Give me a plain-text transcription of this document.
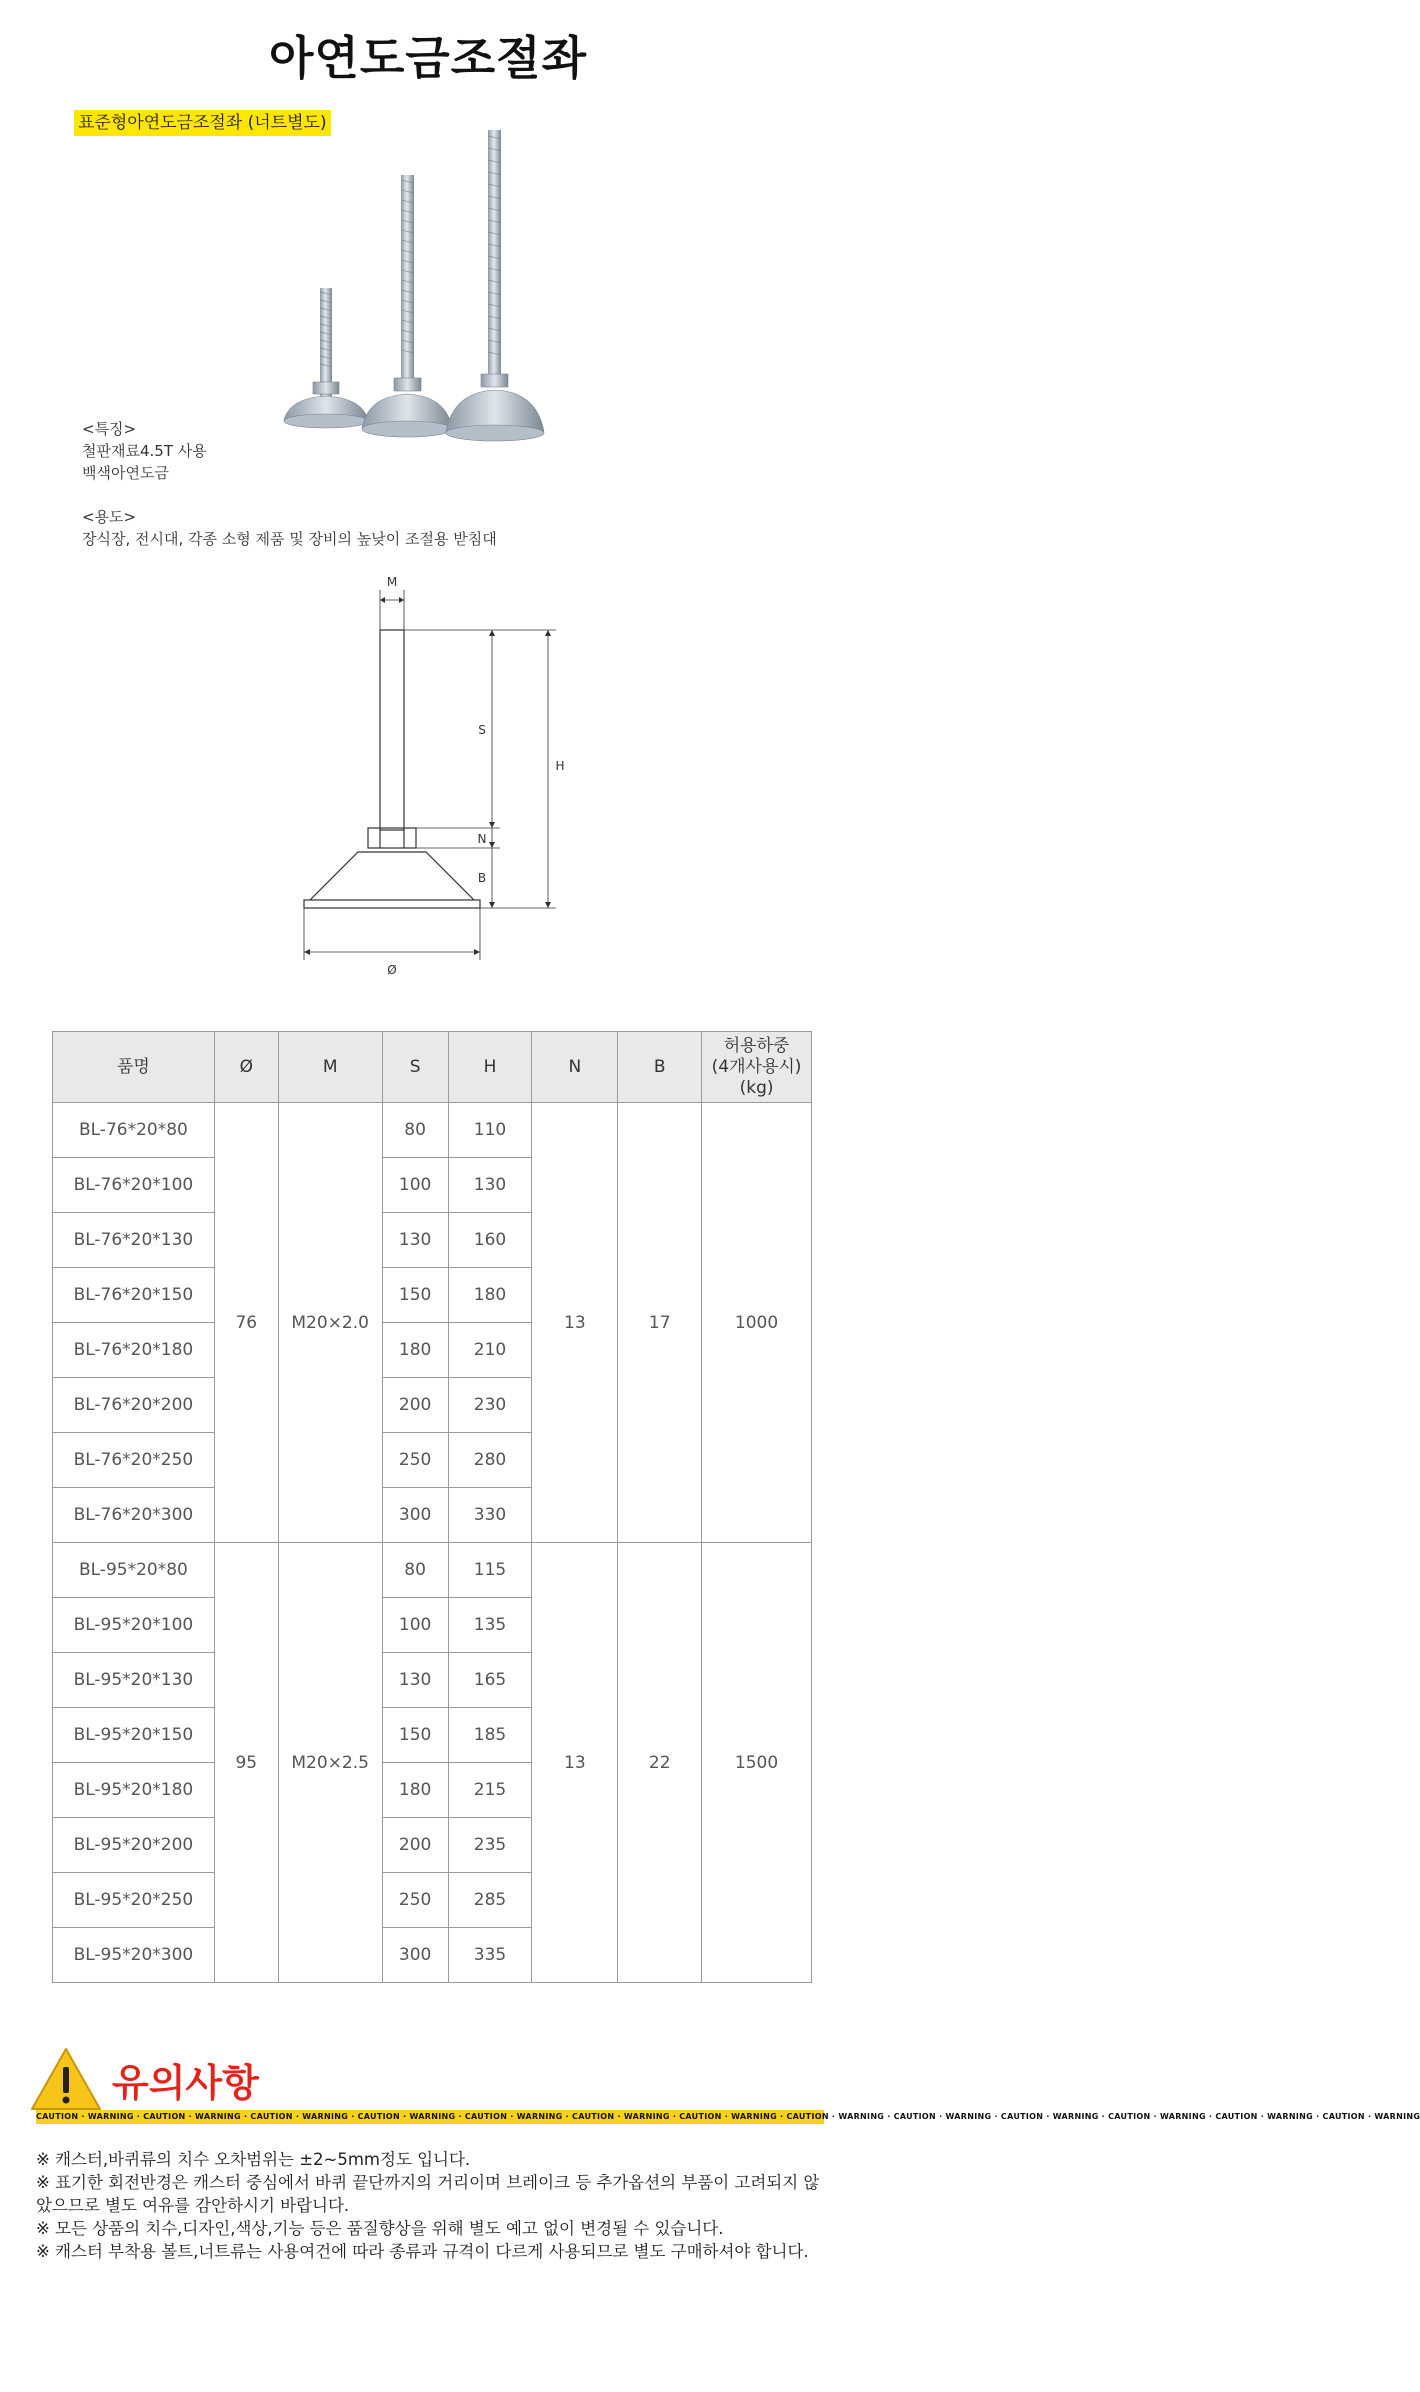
아연도금조절좌
표준형아연도금조절좌 (너트별도)
<특징>
철판재료4.5T 사용
백색아연도금
<용도>
장식장, 전시대, 각종 소형 제품 및 장비의 높낮이 조절용 받침대
M
S
N
B
H
Ø
품명	Ø	M	S	H	N	B	허용하중
(4개사용시)
(kg)
BL-76*20*80	76	M20×2.0	80	110	13	17	1000
BL-76*20*100			100	130			
BL-76*20*130			130	160			
BL-76*20*150			150	180			
BL-76*20*180			180	210			
BL-76*20*200			200	230			
BL-76*20*250			250	280			
BL-76*20*300			300	330			
BL-95*20*80	95	M20×2.5	80	115	13	22	1500
BL-95*20*100			100	135			
BL-95*20*130			130	165			
BL-95*20*150			150	185			
BL-95*20*180			180	215			
BL-95*20*200			200	235			
BL-95*20*250			250	285			
BL-95*20*300			300	335			
유의사항
CAUTION · WARNING · CAUTION · WARNING · CAUTION · WARNING · CAUTION · WARNING · CAUTION · WARNING · CAUTION · WARNING · CAUTION · WARNING · CAUTION · WARNING · CAUTION · WARNING · CAUTION · WARNING · CAUTION · WARNING · CAUTION · WARNING · CAUTION · WARNING
※ 캐스터,바퀴류의 치수 오차범위는 ±2~5mm정도 입니다.
※ 표기한 회전반경은 캐스터 중심에서 바퀴 끝단까지의 거리이며 브레이크 등 추가옵션의 부품이 고려되지 않았으므로 별도 여유를 감안하시기 바랍니다.
※ 모든 상품의 치수,디자인,색상,기능 등은 품질향상을 위해 별도 예고 없이 변경될 수 있습니다.
※ 캐스터 부착용 볼트,너트류는 사용여건에 따라 종류과 규격이 다르게 사용되므로 별도 구매하셔야 합니다.
